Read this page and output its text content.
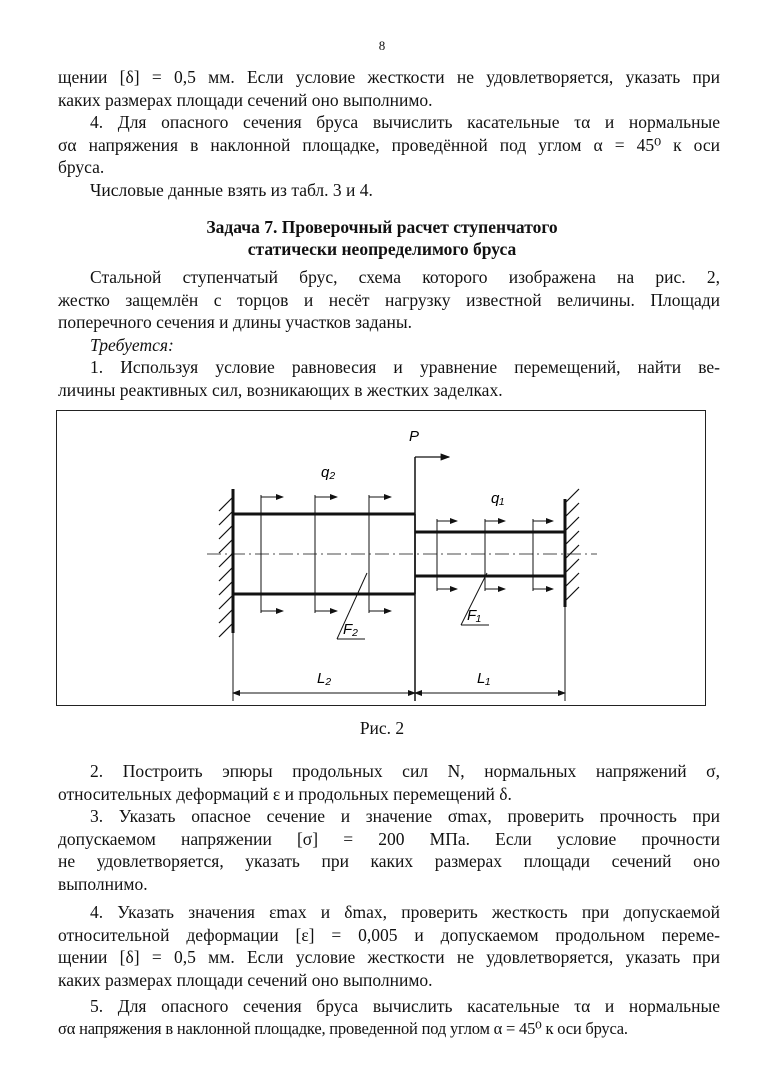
8
щении [δ] = 0,5 мм. Если условие жесткости не удовлетворяется, указать при
каких размерах площади сечений оно выполнимо.
4. Для опасного сечения бруса вычислить касательные τα и нормальные
σα напряжения в наклонной площадке, проведённой под углом α = 45⁰ к оси
бруса.
Числовые данные взять из табл. 3 и 4.
Задача 7. Проверочный расчет ступенчатого
статически неопределимого бруса
Стальной ступенчатый брус, схема которого изображена на рис. 2,
жестко защемлён с торцов и несёт нагрузку известной величины. Площади
поперечного сечения и длины участков заданы.
Требуется:
1. Используя условие равновесия и уравнение перемещений, найти ве-
личины реактивных сил, возникающих в жестких заделках.
P
q₂
q₁
F₂
F₁
L₂	L₁
Рис. 2
2. Построить эпюры продольных сил N, нормальных напряжений σ,
относительных деформаций ε и продольных перемещений δ.
3. Указать опасное сечение и значение σmax, проверить прочность при
допускаемом напряжении [σ] = 200 МПа. Если условие прочности
не удовлетворяется, указать при каких размерах площади сечений оно
выполнимо.
4. Указать значения εmax и δmax, проверить жесткость при допускаемой
относительной деформации [ε] = 0,005 и допускаемом продольном переме-
щении [δ] = 0,5 мм. Если условие жесткости не удовлетворяется, указать при
каких размерах площади сечений оно выполнимо.
5. Для опасного сечения бруса вычислить касательные τα и нормальные
σα напряжения в наклонной площадке, проведенной под углом α = 45⁰ к оси бруса.
